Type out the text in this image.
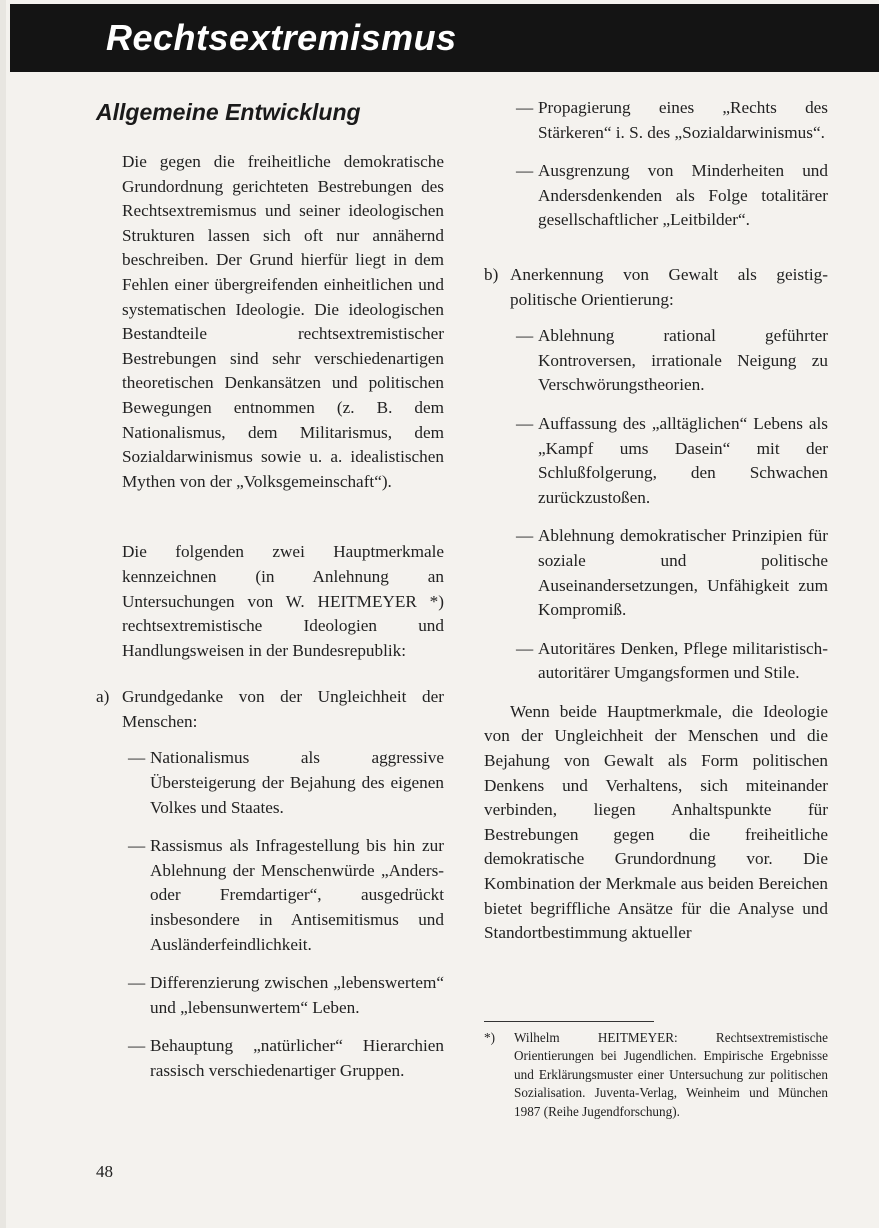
Rechtsextremismus
Allgemeine Entwicklung

Die gegen die freiheitliche demokratische Grundordnung gerichteten Bestrebungen des Rechtsextremismus und seiner ideologischen Strukturen lassen sich oft nur annähernd beschreiben. Der Grund hierfür liegt in dem Fehlen einer übergreifenden einheitlichen und systematischen Ideologie. Die ideologischen Bestandteile rechtsextremistischer Bestrebungen sind sehr verschiedenartigen theoretischen Denkansätzen und politischen Bewegungen entnommen (z. B. dem Nationalismus, dem Militarismus, dem Sozialdarwinismus sowie u. a. idealistischen Mythen von der „Volksgemeinschaft“).

Die folgenden zwei Hauptmerkmale kennzeichnen (in Anlehnung an Untersuchungen von W. HEITMEYER *) rechtsextremistische Ideologien und Handlungsweisen in der Bundesrepublik:

a) Grundgedanke von der Ungleichheit der Menschen:
— Nationalismus als aggressive Übersteigerung der Bejahung des eigenen Volkes und Staates.
— Rassismus als Infragestellung bis hin zur Ablehnung der Menschenwürde „Anders- oder Fremdartiger“, ausgedrückt insbesondere in Antisemitismus und Ausländerfeindlichkeit.
— Differenzierung zwischen „lebenswertem“ und „lebensunwertem“ Leben.
— Behauptung „natürlicher“ Hierarchien rassisch verschiedenartiger Gruppen.
— Propagierung eines „Rechts des Stärkeren“ i. S. des „Sozialdarwinismus“.
— Ausgrenzung von Minderheiten und Andersdenkenden als Folge totalitärer gesellschaftlicher „Leitbilder“.
b) Anerkennung von Gewalt als geistig-politische Orientierung:
— Ablehnung rational geführter Kontroversen, irrationale Neigung zu Verschwörungstheorien.
— Auffassung des „alltäglichen“ Lebens als „Kampf ums Dasein“ mit der Schlußfolgerung, den Schwachen zurückzustoßen.
— Ablehnung demokratischer Prinzipien für soziale und politische Auseinandersetzungen, Unfähigkeit zum Kompromiß.
— Autoritäres Denken, Pflege militaristisch-autoritärer Umgangsformen und Stile.

Wenn beide Hauptmerkmale, die Ideologie von der Ungleichheit der Menschen und die Bejahung von Gewalt als Form politischen Denkens und Verhaltens, sich miteinander verbinden, liegen Anhaltspunkte für Bestrebungen gegen die freiheitliche demokratische Grundordnung vor. Die Kombination der Merkmale aus beiden Bereichen bietet begriffliche Ansätze für die Analyse und Standortbestimmung aktueller

*)	Wilhelm HEITMEYER: Rechtsextremistische Orientierungen bei Jugendlichen. Empirische Ergebnisse und Erklärungsmuster einer Untersuchung zur politischen Sozialisation. Juventa-Verlag, Weinheim und München 1987 (Reihe Jugendforschung).
48
